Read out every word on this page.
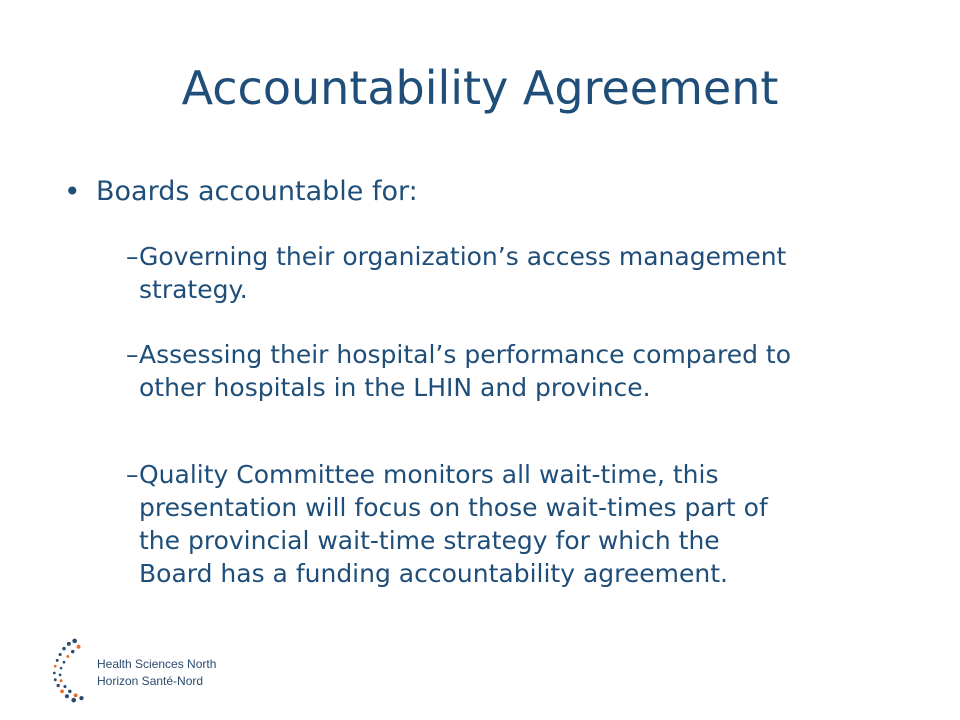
Accountability Agreement
• Boards accountable for:
Health Sciences North
Horizon Santé-Nord
– Governing their organization’s access management
strategy.
– Assessing their hospital’s performance compared to
other hospitals in the LHIN and province.
– Quality Committee monitors all wait-time, this
presentation will focus on those wait-times part of
the provincial wait-time strategy for which the
Board has a funding accountability agreement.
